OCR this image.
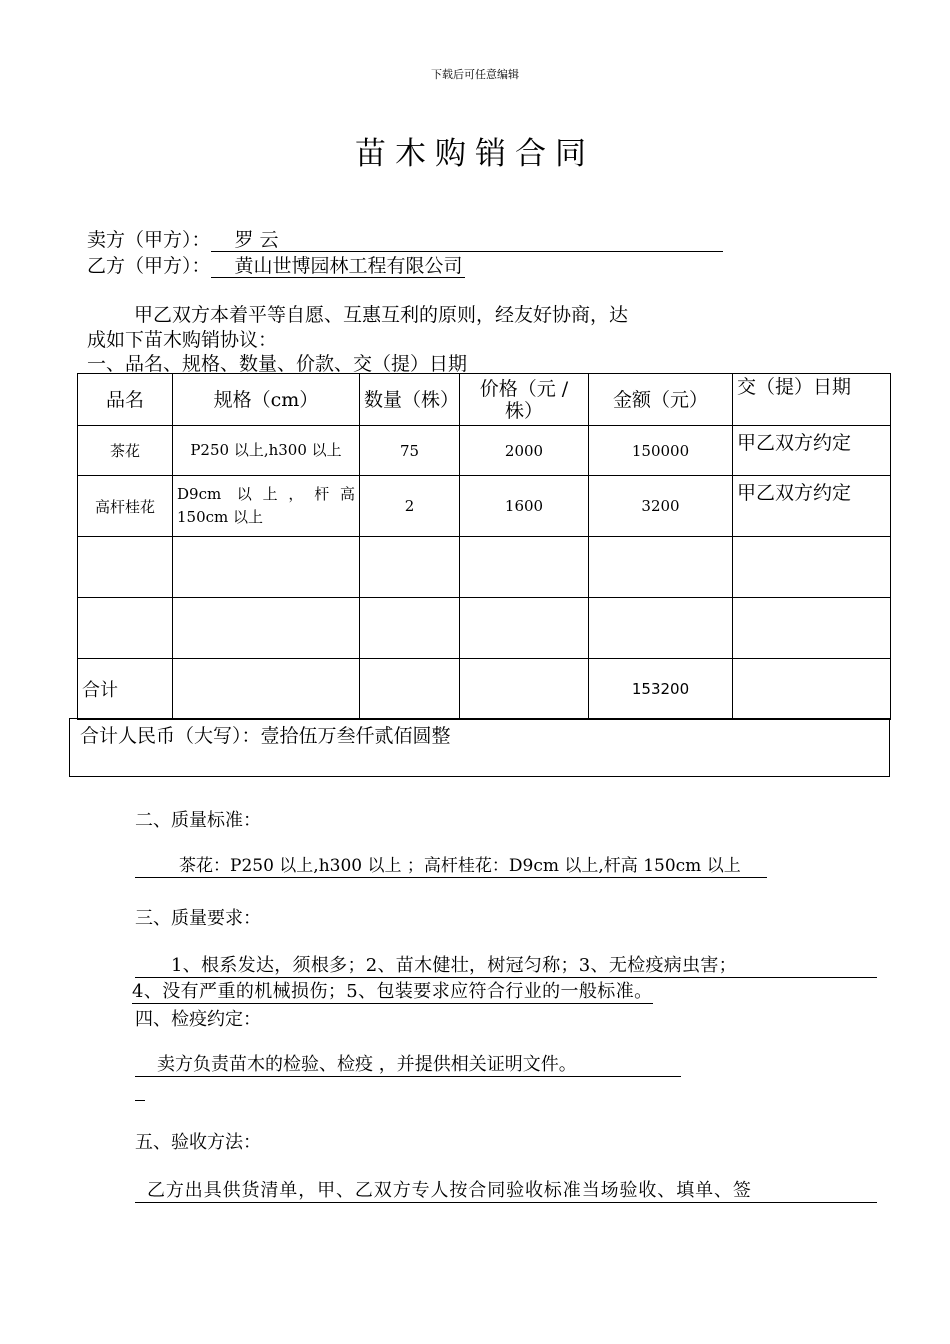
下载后可任意编辑
苗木购销合同
卖方（甲方）： 罗 云
乙方（甲方）： 黄山世博园林工程有限公司
甲乙双方本着平等自愿、互惠互利的原则，经友好协商，达
成如下苗木购销协议：
一、品名、规格、数量、价款、交（提）日期
品名	规格（cm）	数量（株）	价格（元 / 株）	金额（元）	交（提）日期
茶花	P250 以上,h300 以上	75	2000	150000	甲乙双方约定
高杆桂花	D9cm 以上，杆高 150cm 以上	2	1600	3200	甲乙双方约定

合计				153200	
合计人民币（大写）：壹拾伍万叁仟贰佰圆整
二、质量标准：
茶花：P250 以上,h300 以上 ；高杆桂花：D9cm 以上,杆高 150cm 以上
三、质量要求：
1、根系发达，须根多；2、苗木健壮，树冠匀称；3、无检疫病虫害；
4、没有严重的机械损伤；5、包装要求应符合行业的一般标准。
四、检疫约定：
卖方负责苗木的检验、检疫 ，并提供相关证明文件。
五、验收方法：
乙方出具供货清单，甲、乙双方专人按合同验收标准当场验收、填单、签
